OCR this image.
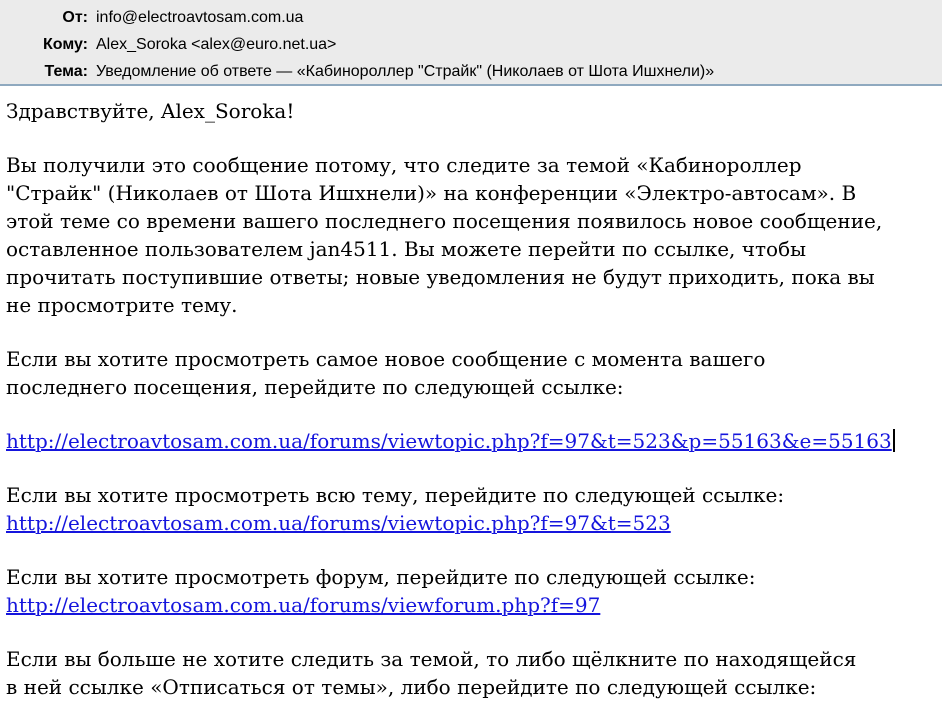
От: info@electroavtosam.com.ua
Кому: Alex_Soroka <alex@euro.net.ua>
Тема: Уведомление об ответе — «Кабинороллер "Страйк" (Николаев от Шота Ишхнели)»
Здравствуйте, Alex_Soroka!
Вы получили это сообщение потому, что следите за темой «Кабинороллер
"Страйк" (Николаев от Шота Ишхнели)» на конференции «Электро-автосам». В
этой теме со времени вашего последнего посещения появилось новое сообщение,
оставленное пользователем jan4511. Вы можете перейти по ссылке, чтобы
прочитать поступившие ответы; новые уведомления не будут приходить, пока вы
не просмотрите тему.
Если вы хотите просмотреть самое новое сообщение с момента вашего
последнего посещения, перейдите по следующей ссылке:
http://electroavtosam.com.ua/forums/viewtopic.php?f=97&t=523&p=55163&e=55163
Если вы хотите просмотреть всю тему, перейдите по следующей ссылке:
http://electroavtosam.com.ua/forums/viewtopic.php?f=97&t=523
Если вы хотите просмотреть форум, перейдите по следующей ссылке:
http://electroavtosam.com.ua/forums/viewforum.php?f=97
Если вы больше не хотите следить за темой, то либо щёлкните по находящейся
в ней ссылке «Отписаться от темы», либо перейдите по следующей ссылке:
